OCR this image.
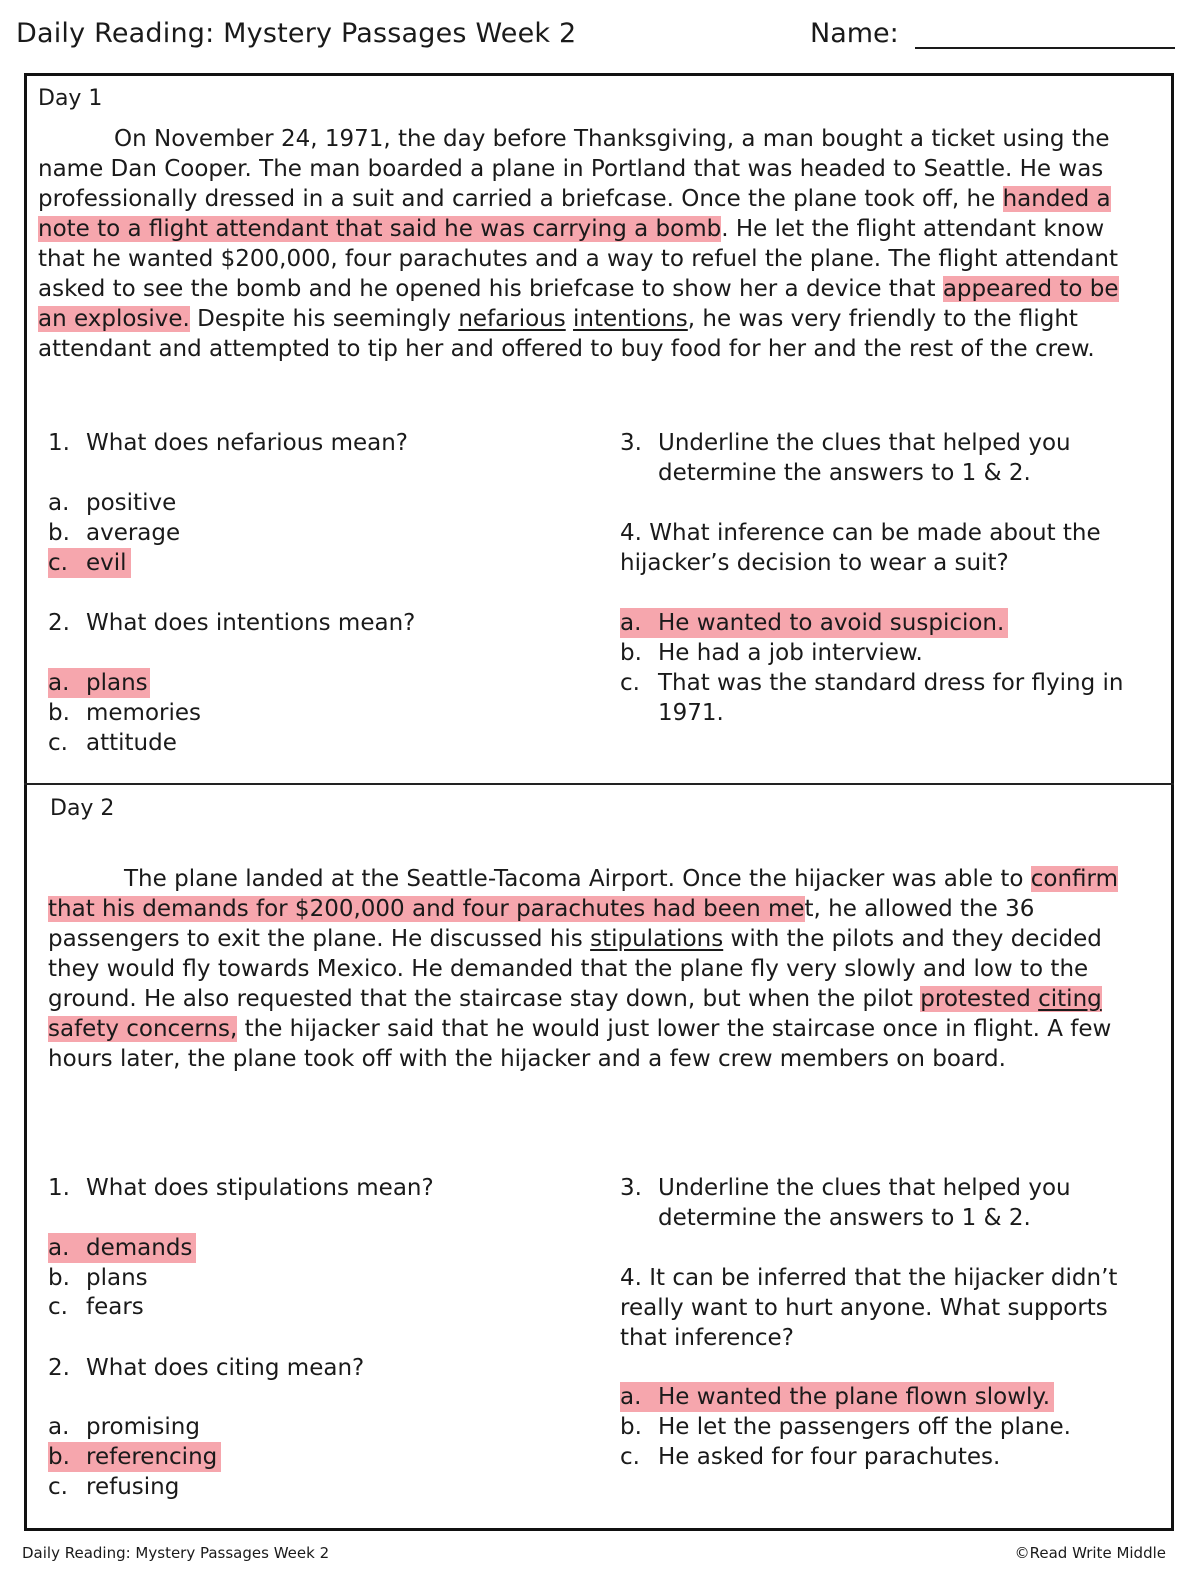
Daily Reading: Mystery Passages Week 2	Name:
Day 1

On November 24, 1971, the day before Thanksgiving, a man bought a ticket using the name Dan Cooper. The man boarded a plane in Portland that was headed to Seattle. He was professionally dressed in a suit and carried a briefcase. Once the plane took off, he handed a note to a flight attendant that said he was carrying a bomb. He let the flight attendant know that he wanted $200,000, four parachutes and a way to refuel the plane. The flight attendant asked to see the bomb and he opened his briefcase to show her a device that appeared to be an explosive. Despite his seemingly nefarious intentions, he was very friendly to the flight attendant and attempted to tip her and offered to buy food for her and the rest of the crew.

1. What does nefarious mean?
a. positive
b. average
c. evil
2. What does intentions mean?
a. plans
b. memories
c. attitude
3. Underline the clues that helped you determine the answers to 1 & 2.
4. What inference can be made about the hijacker’s decision to wear a suit?
a. He wanted to avoid suspicion.
b. He had a job interview.
c. That was the standard dress for flying in 1971.
Day 2

The plane landed at the Seattle-Tacoma Airport. Once the hijacker was able to confirm that his demands for $200,000 and four parachutes had been met, he allowed the 36 passengers to exit the plane. He discussed his stipulations with the pilots and they decided they would fly towards Mexico. He demanded that the plane fly very slowly and low to the ground. He also requested that the staircase stay down, but when the pilot protested citing safety concerns, the hijacker said that he would just lower the staircase once in flight. A few hours later, the plane took off with the hijacker and a few crew members on board.

1. What does stipulations mean?
a. demands
b. plans
c. fears
2. What does citing mean?
a. promising
b. referencing
c. refusing
3. Underline the clues that helped you determine the answers to 1 & 2.
4. It can be inferred that the hijacker didn’t really want to hurt anyone. What supports that inference?
a. He wanted the plane flown slowly.
b. He let the passengers off the plane.
c. He asked for four parachutes.
Daily Reading: Mystery Passages Week 2	©Read Write Middle
